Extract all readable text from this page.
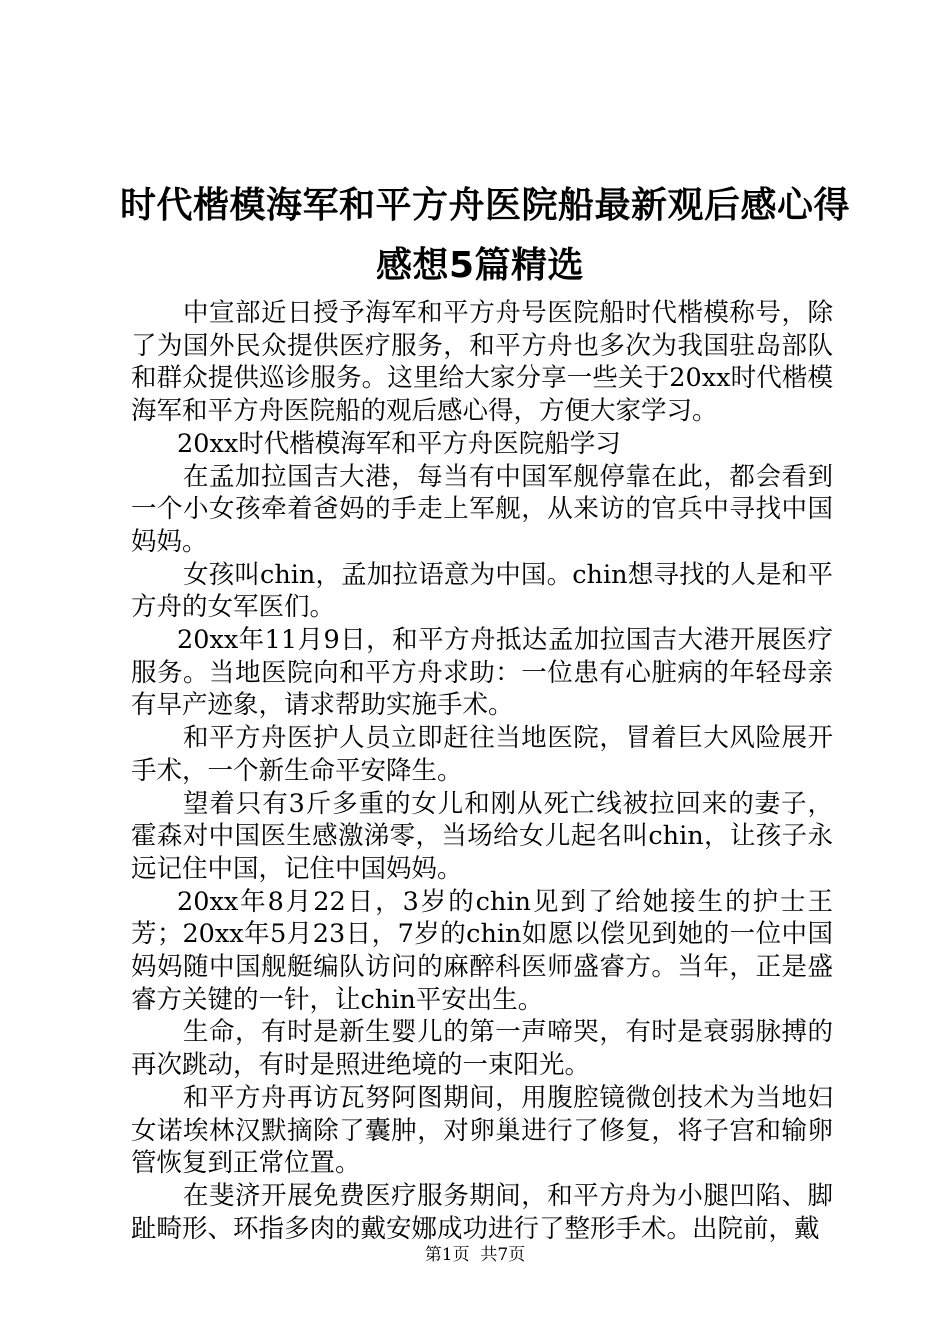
时代楷模海军和平方舟医院船最新观后感心得
感想5篇精选

中宣部近日授予海军和平方舟号医院船时代楷模称号，除了为国外民众提供医疗服务，和平方舟也多次为我国驻岛部队和群众提供巡诊服务。这里给大家分享一些关于20xx时代楷模海军和平方舟医院船的观后感心得，方便大家学习。

20xx时代楷模海军和平方舟医院船学习

在孟加拉国吉大港，每当有中国军舰停靠在此，都会看到一个小女孩牵着爸妈的手走上军舰，从来访的官兵中寻找中国妈妈。

女孩叫chin，孟加拉语意为中国。chin想寻找的人是和平方舟的女军医们。

20xx年11月9日，和平方舟抵达孟加拉国吉大港开展医疗服务。当地医院向和平方舟求助：一位患有心脏病的年轻母亲有早产迹象，请求帮助实施手术。

和平方舟医护人员立即赶往当地医院，冒着巨大风险展开手术，一个新生命平安降生。

望着只有3斤多重的女儿和刚从死亡线被拉回来的妻子，霍森对中国医生感激涕零，当场给女儿起名叫chin，让孩子永远记住中国，记住中国妈妈。

20xx年8月22日，3岁的chin见到了给她接生的护士王芳；20xx年5月23日，7岁的chin如愿以偿见到她的一位中国妈妈随中国舰艇编队访问的麻醉科医师盛睿方。当年，正是盛睿方关键的一针，让chin平安出生。

生命，有时是新生婴儿的第一声啼哭，有时是衰弱脉搏的再次跳动，有时是照进绝境的一束阳光。

和平方舟再访瓦努阿图期间，用腹腔镜微创技术为当地妇女诺埃林汉默摘除了囊肿，对卵巢进行了修复，将子宫和输卵管恢复到正常位置。

在斐济开展免费医疗服务期间，和平方舟为小腿凹陷、脚趾畸形、环指多肉的戴安娜成功进行了整形手术。出院前，戴

第1页  共7页
